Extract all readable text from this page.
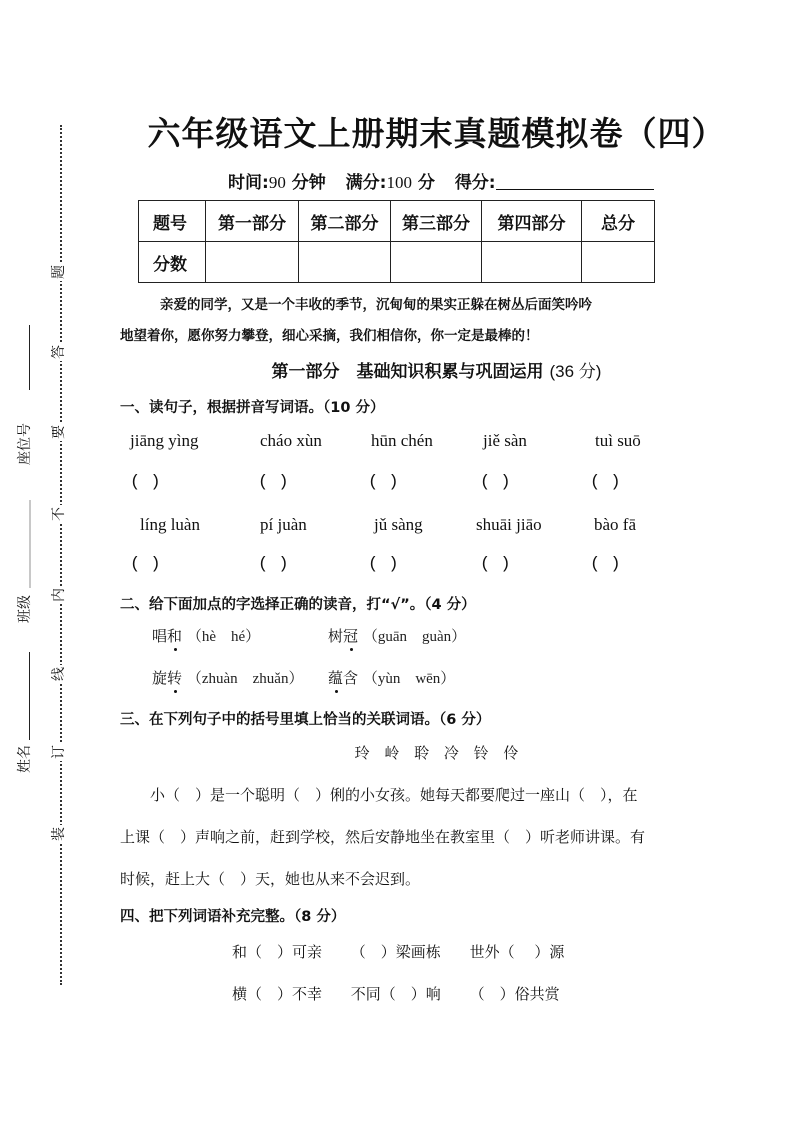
题
答
要
不
内
线
订
装
座位号
班级
姓名
六年级语文上册期末真题模拟卷（四）
时间:90 分钟 满分:100 分 得分:
题号	第一部分	第二部分	第三部分	第四部分	总分
分数					
亲爱的同学，又是一个丰收的季节，沉甸甸的果实正躲在树丛后面笑吟吟
地望着你，愿你努力攀登，细心采摘，我们相信你，你一定是最棒的！
第一部分　基础知识积累与巩固运用 (36 分)
一、读句子，根据拼音写词语。（10 分）
jiāng yìng	cháo xùn	hūn chén	jiě sàn	tuì suō
( )	( )	( )	( )	( )
líng luàn	pí juàn	jǔ sàng	shuāi jiāo	bào fā
( )	( )	( )	( )	( )
二、给下面加点的字选择正确的读音，打“√”。（4 分）
唱和 （hè　hé）	树冠 （guān　guàn）
旋转 （zhuàn　zhuǎn） 蕴含 （yùn　wēn）
三、在下列句子中的括号里填上恰当的关联词语。（6 分）
玲 岭 聆 冷 铃 伶
　　小（　）是一个聪明（　）俐的小女孩。她每天都要爬过一座山（　），在
上课（　）声响之前，赶到学校，然后安静地坐在教室里（　）听老师讲课。有
时候，赶上大（　）天，她也从来不会迟到。
四、把下列词语补充完整。（8 分）
和（　）可亲 （　）梁画栋 世外（　 ）源
横（　）不幸 不同（　）响 （　）俗共赏
